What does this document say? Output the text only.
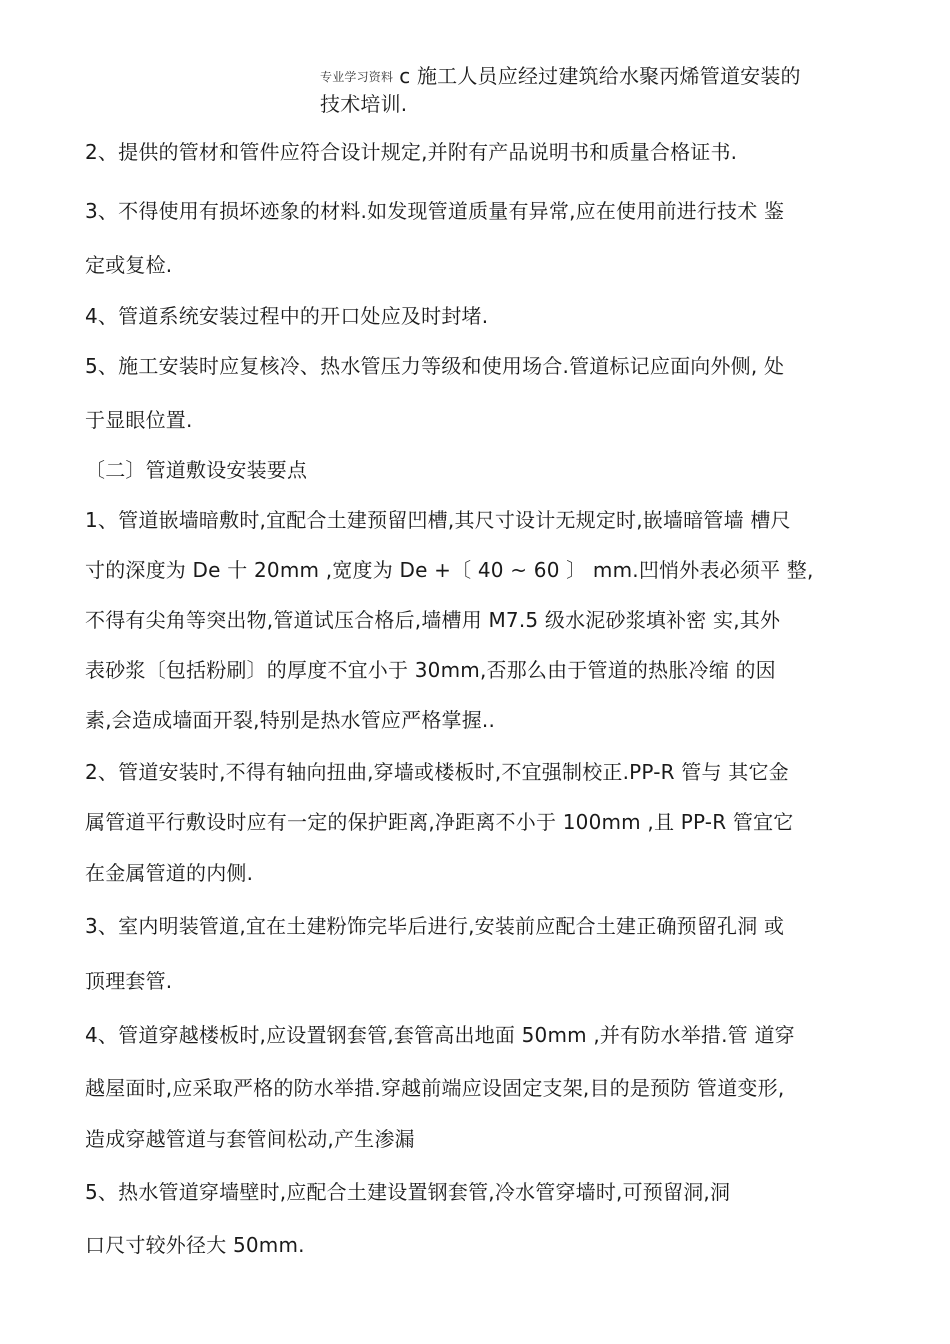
专业学习资料 c 施工人员应经过建筑给水聚丙烯管道安装的
技术培训.
2、提供的管材和管件应符合设计规定,并附有产品说明书和质量合格证书.
3、不得使用有损坏迹象的材料.如发现管道质量有异常,应在使用前进行技术 鉴
定或复检.
4、管道系统安装过程中的开口处应及时封堵.
5、施工安装时应复核冷、热水管压力等级和使用场合.管道标记应面向外侧, 处
于显眼位置.
〔二〕管道敷设安装要点
1、管道嵌墙暗敷时,宜配合土建预留凹槽,其尺寸设计无规定时,嵌墙暗管墙 槽尺
寸的深度为 De 十 20mm ,宽度为 De +〔 40 ~ 60 〕 mm.凹悄外表必须平 整,
不得有尖角等突出物,管道试压合格后,墙槽用 M7.5 级水泥砂浆填补密 实,其外
表砂浆〔包括粉刷〕的厚度不宜小于 30mm,否那么由于管道的热胀冷缩 的因
素,会造成墙面开裂,特别是热水管应严格掌握..
2、管道安装时,不得有轴向扭曲,穿墙或楼板时,不宜强制校正.PP-R 管与 其它金
属管道平行敷设时应有一定的保护距离,净距离不小于 100mm ,且 PP-R 管宜它
在金属管道的内侧.
3、室内明装管道,宜在土建粉饰完毕后进行,安装前应配合土建正确预留孔洞 或
顶理套管.
4、管道穿越楼板时,应设置钢套管,套管高出地面 50mm ,并有防水举措.管 道穿
越屋面时,应采取严格的防水举措.穿越前端应设固定支架,目的是预防 管道变形,
造成穿越管道与套管间松动,产生渗漏
5、热水管道穿墙壁时,应配合土建设置钢套管,冷水管穿墙时,可预留洞,洞
口尺寸较外径大 50mm.
